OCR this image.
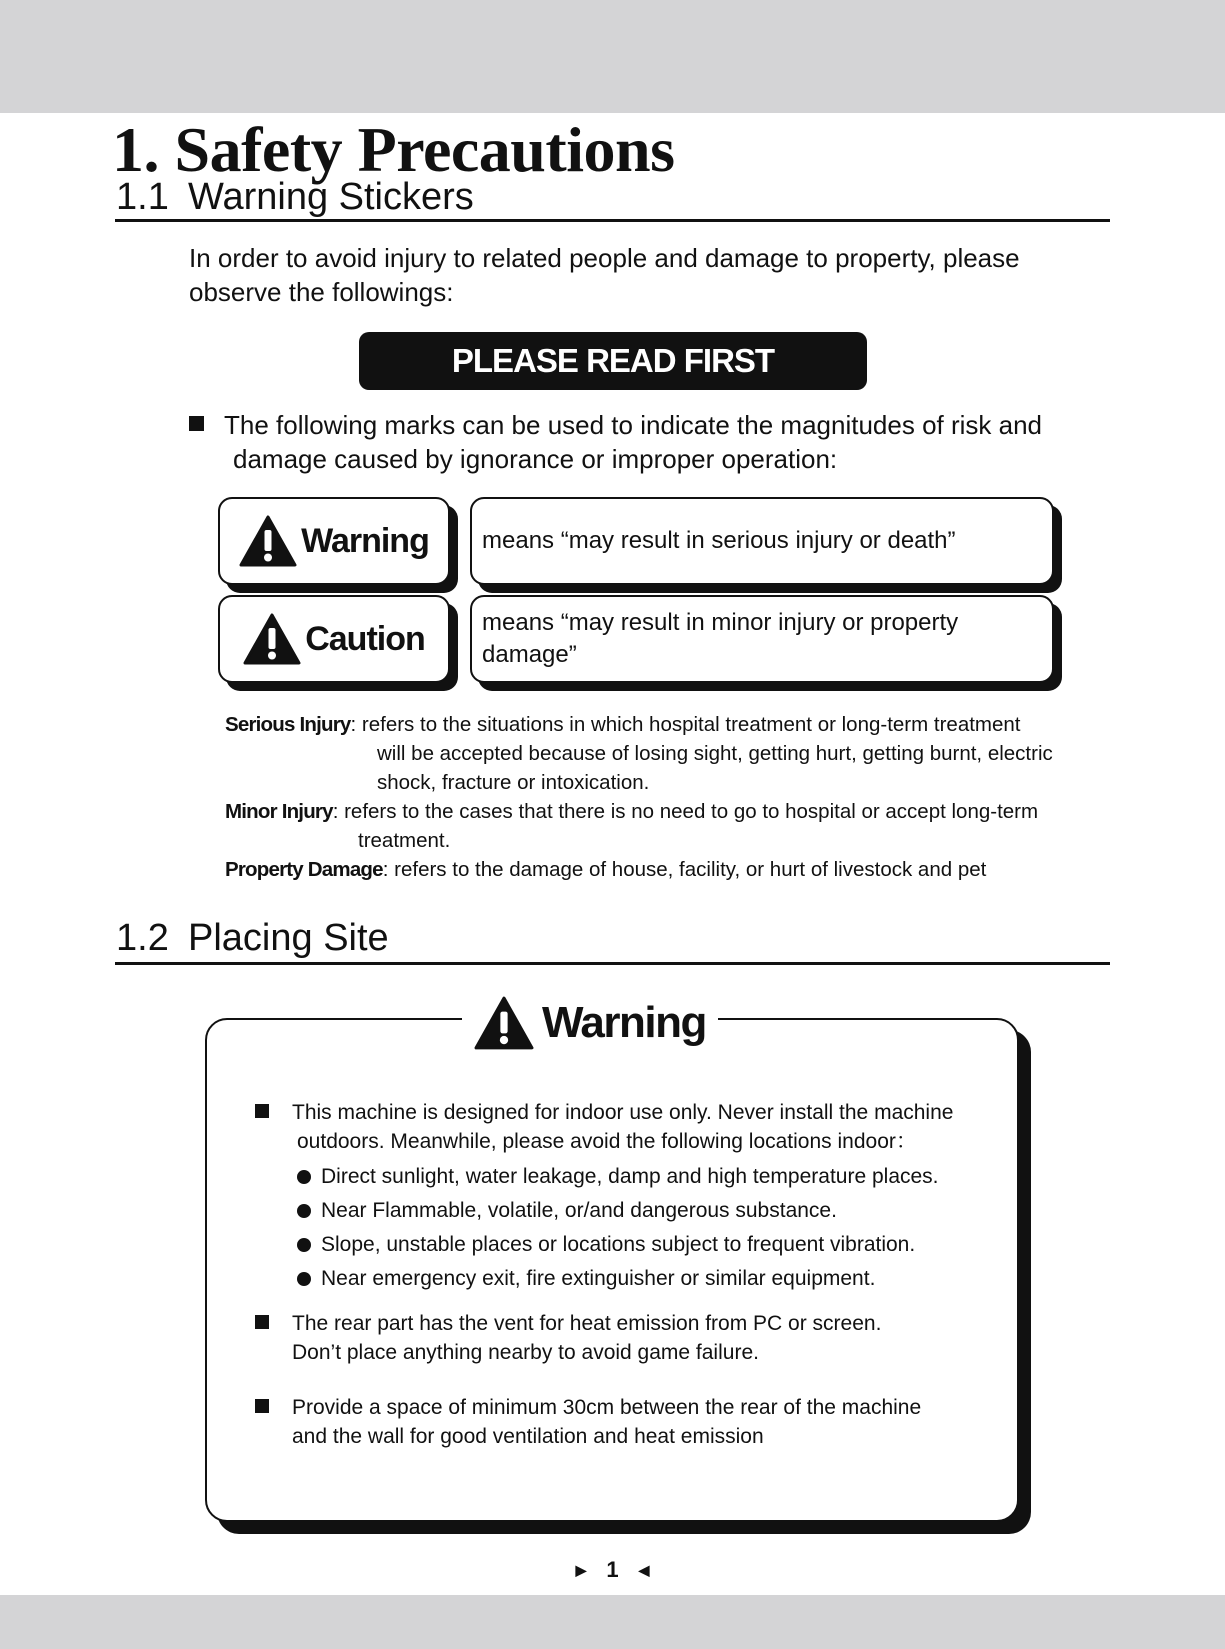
1. Safety Precautions
1.1 Warning Stickers
In order to avoid injury to related people and damage to property, please
observe the followings:
PLEASE READ FIRST
The following marks can be used to indicate the magnitudes of risk and
damage caused by ignorance or improper operation:
Warning means “may result in serious injury or death”
Caution means “may result in minor injury or property damage”
Serious Injury: refers to the situations in which hospital treatment or long-term treatment
will be accepted because of losing sight, getting hurt, getting burnt, electric
shock, fracture or intoxication.
Minor Injury: refers to the cases that there is no need to go to hospital or accept long-term
treatment.
Property Damage: refers to the damage of house, facility, or hurt of livestock and pet
1.2 Placing Site
Warning
This machine is designed for indoor use only. Never install the machine
outdoors. Meanwhile, please avoid the following locations indoor：
Direct sunlight, water leakage, damp and high temperature places.
Near Flammable, volatile, or/and dangerous substance.
Slope, unstable places or locations subject to frequent vibration.
Near emergency exit, fire extinguisher or similar equipment.
The rear part has the vent for heat emission from PC or screen.
Don’t place anything nearby to avoid game failure.
Provide a space of minimum 30cm between the rear of the machine
and the wall for good ventilation and heat emission
▶ 1 ◀
